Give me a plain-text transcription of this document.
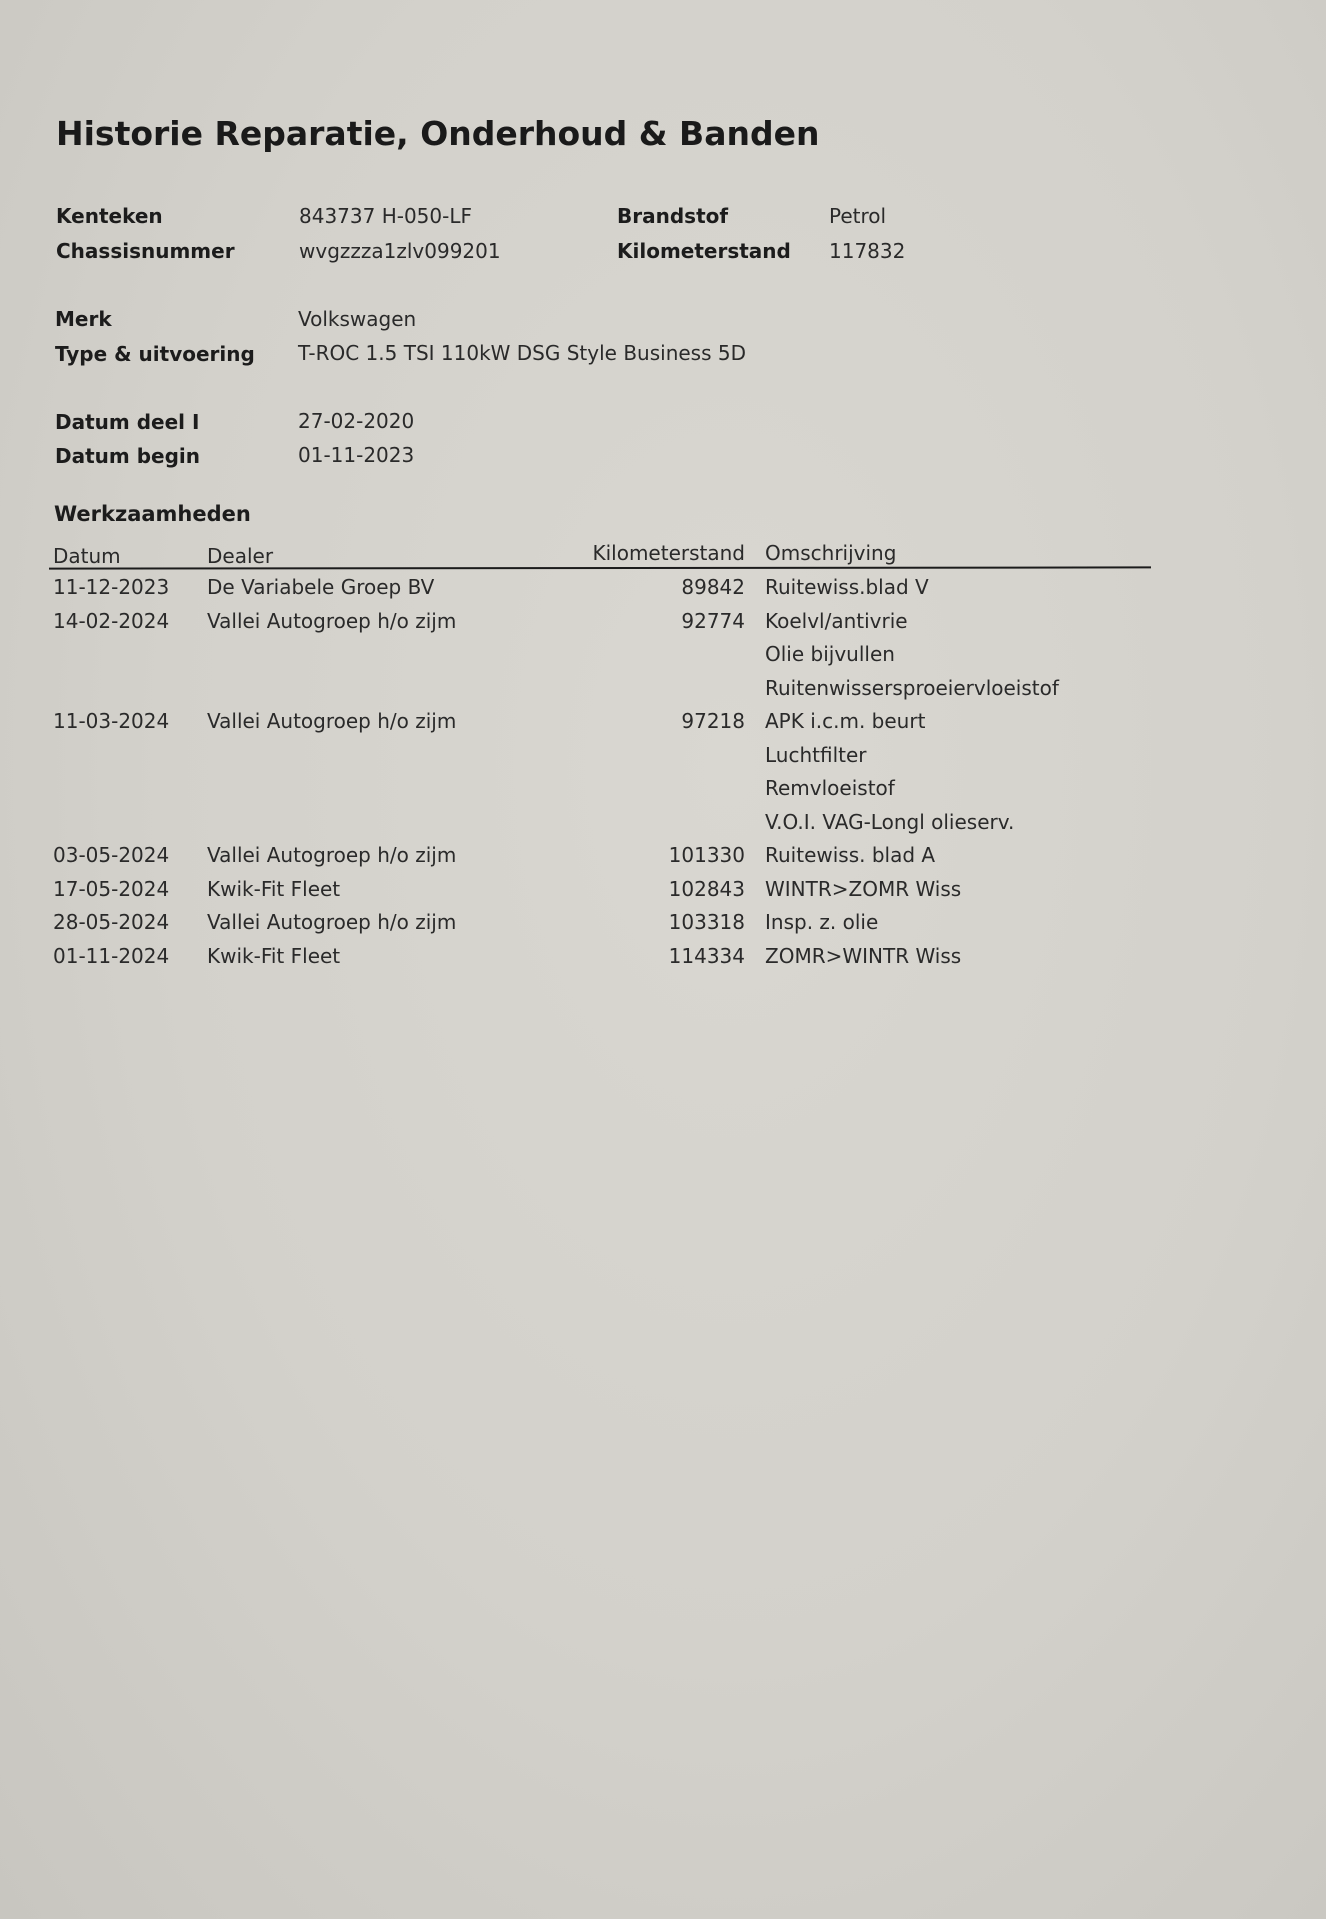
Historie Reparatie, Onderhoud & Banden
Kenteken	843737 H-050-LF	Brandstof	Petrol
Chassisnummer	wvgzzza1zlv099201	Kilometerstand 117832
Merk	Volkswagen
Type & uitvoering T-ROC 1.5 TSI 110kW DSG Style Business 5D
Datum deel I	27-02-2020
Datum begin	01-11-2023
Werkzaamheden
Datum	Dealer	Kilometerstand Omschrijving
11-12-2023 De Variabele Groep BV	89842 Ruitewiss.blad V
14-02-2024 Vallei Autogroep h/o zijm	92774 Koelvl/antivrie
Olie bijvullen
Ruitenwissersproeiervloeistof
11-03-2024 Vallei Autogroep h/o zijm	97218 APK i.c.m. beurt
Luchtfilter
Remvloeistof
V.O.I. VAG-Longl olieserv.
03-05-2024 Vallei Autogroep h/o zijm	101330 Ruitewiss. blad A
17-05-2024 Kwik-Fit Fleet	102843 WINTR>ZOMR Wiss
28-05-2024 Vallei Autogroep h/o zijm	103318 Insp. z. olie
01-11-2024 Kwik-Fit Fleet	114334 ZOMR>WINTR Wiss
